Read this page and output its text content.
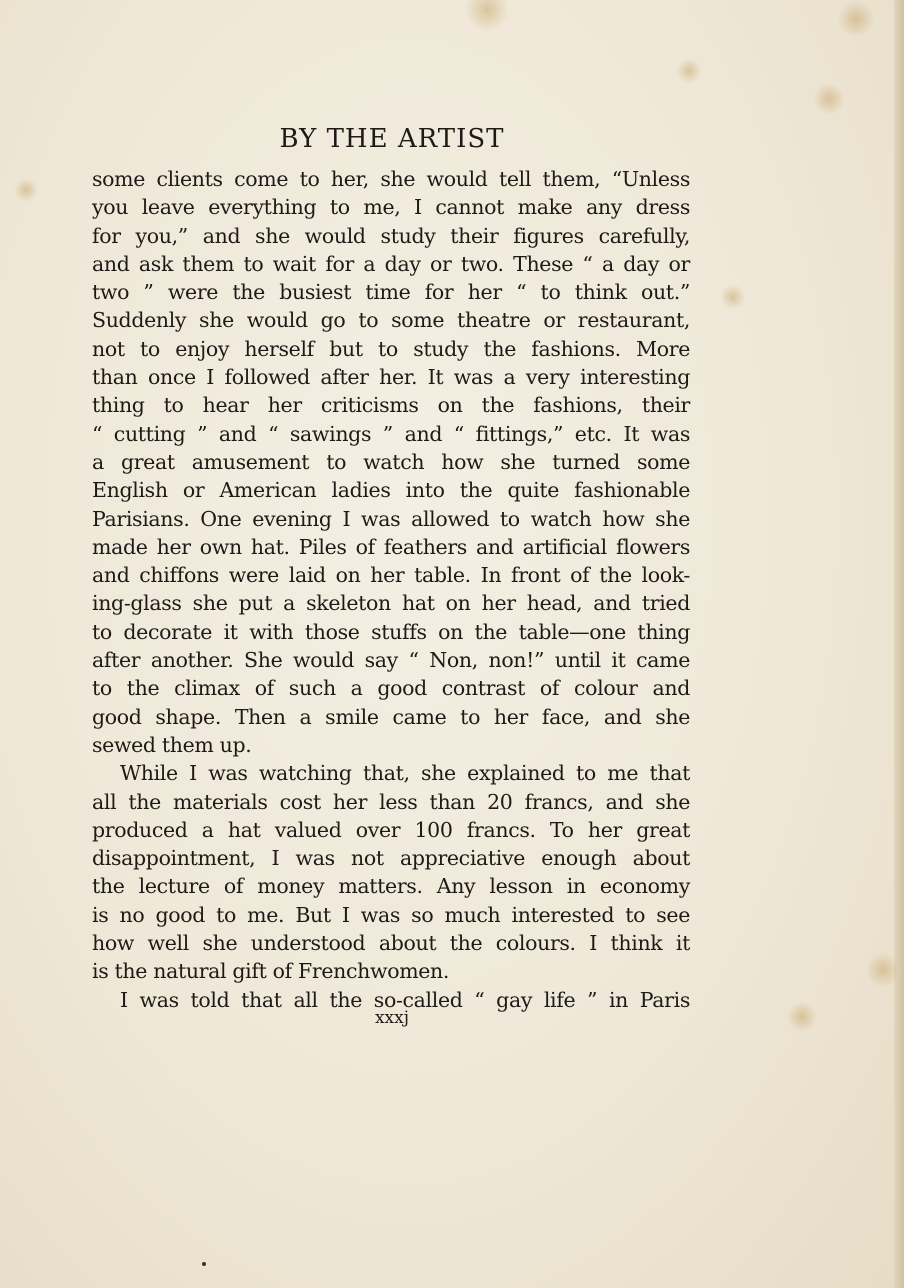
BY THE ARTIST
some clients come to her, she would tell them, “Unless
you leave everything to me, I cannot make any dress
for you,” and she would study their figures carefully,
and ask them to wait for a day or two. These “ a day or
two ” were the busiest time for her “ to think out.”
Suddenly she would go to some theatre or restaurant,
not to enjoy herself but to study the fashions. More
than once I followed after her. It was a very interesting
thing to hear her criticisms on the fashions, their
“ cutting ” and “ sawings ” and “ fittings,” etc. It was
a great amusement to watch how she turned some
English or American ladies into the quite fashionable
Parisians. One evening I was allowed to watch how she
made her own hat. Piles of feathers and artificial flowers
and chiffons were laid on her table. In front of the look-
ing-glass she put a skeleton hat on her head, and tried
to decorate it with those stuffs on the table—one thing
after another. She would say “ Non, non!” until it came
to the climax of such a good contrast of colour and
good shape. Then a smile came to her face, and she
sewed them up.
While I was watching that, she explained to me that
all the materials cost her less than 20 francs, and she
produced a hat valued over 100 francs. To her great
disappointment, I was not appreciative enough about
the lecture of money matters. Any lesson in economy
is no good to me. But I was so much interested to see
how well she understood about the colours. I think it
is the natural gift of Frenchwomen.
I was told that all the so-called “ gay life ” in Paris
xxxj
